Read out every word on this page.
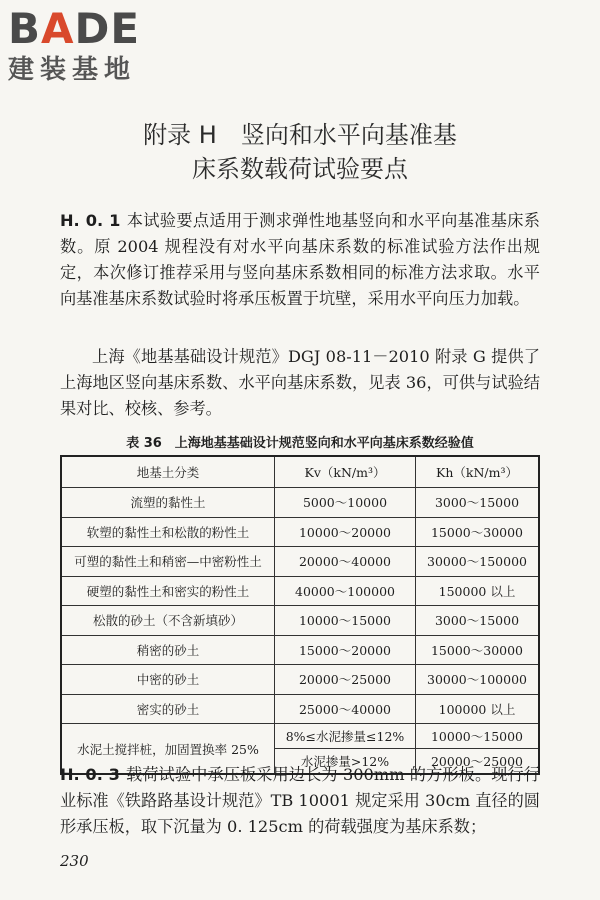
BADE
建装基地
附录 H　竖向和水平向基准基
床系数载荷试验要点

H. 0. 1 本试验要点适用于测求弹性地基竖向和水平向基准基床系数。原 2004 规程没有对水平向基床系数的标准试验方法作出规定，本次修订推荐采用与竖向基床系数相同的标准方法求取。水平向基准基床系数试验时将承压板置于坑壁，采用水平向压力加载。

上海《地基基础设计规范》DGJ 08-11－2010 附录 G 提供了上海地区竖向基床系数、水平向基床系数，见表 36，可供与试验结果对比、校核、参考。

表 36　上海地基基础设计规范竖向和水平向基床系数经验值
地基土分类	Kv（kN/m³）	Kh（kN/m³）
流塑的黏性土	5000～10000	3000～15000
软塑的黏性土和松散的粉性土	10000～20000	15000～30000
可塑的黏性土和稍密—中密粉性土	20000～40000	30000～150000
硬塑的黏性土和密实的粉性土	40000～100000	150000 以上
松散的砂土（不含新填砂）	10000～15000	3000～15000
稍密的砂土	15000～20000	15000～30000
中密的砂土	20000～25000	30000～100000
密实的砂土	25000～40000	100000 以上
水泥土搅拌桩，加固置换率 25%	8%≤水泥掺量≤12%	10000～15000
	水泥掺量>12%	20000～25000

H. 0. 3 载荷试验中承压板采用边长为 300mm 的方形板。现行行业标准《铁路路基设计规范》TB 10001 规定采用 30cm 直径的圆形承压板，取下沉量为 0. 125cm 的荷载强度为基床系数；

230
